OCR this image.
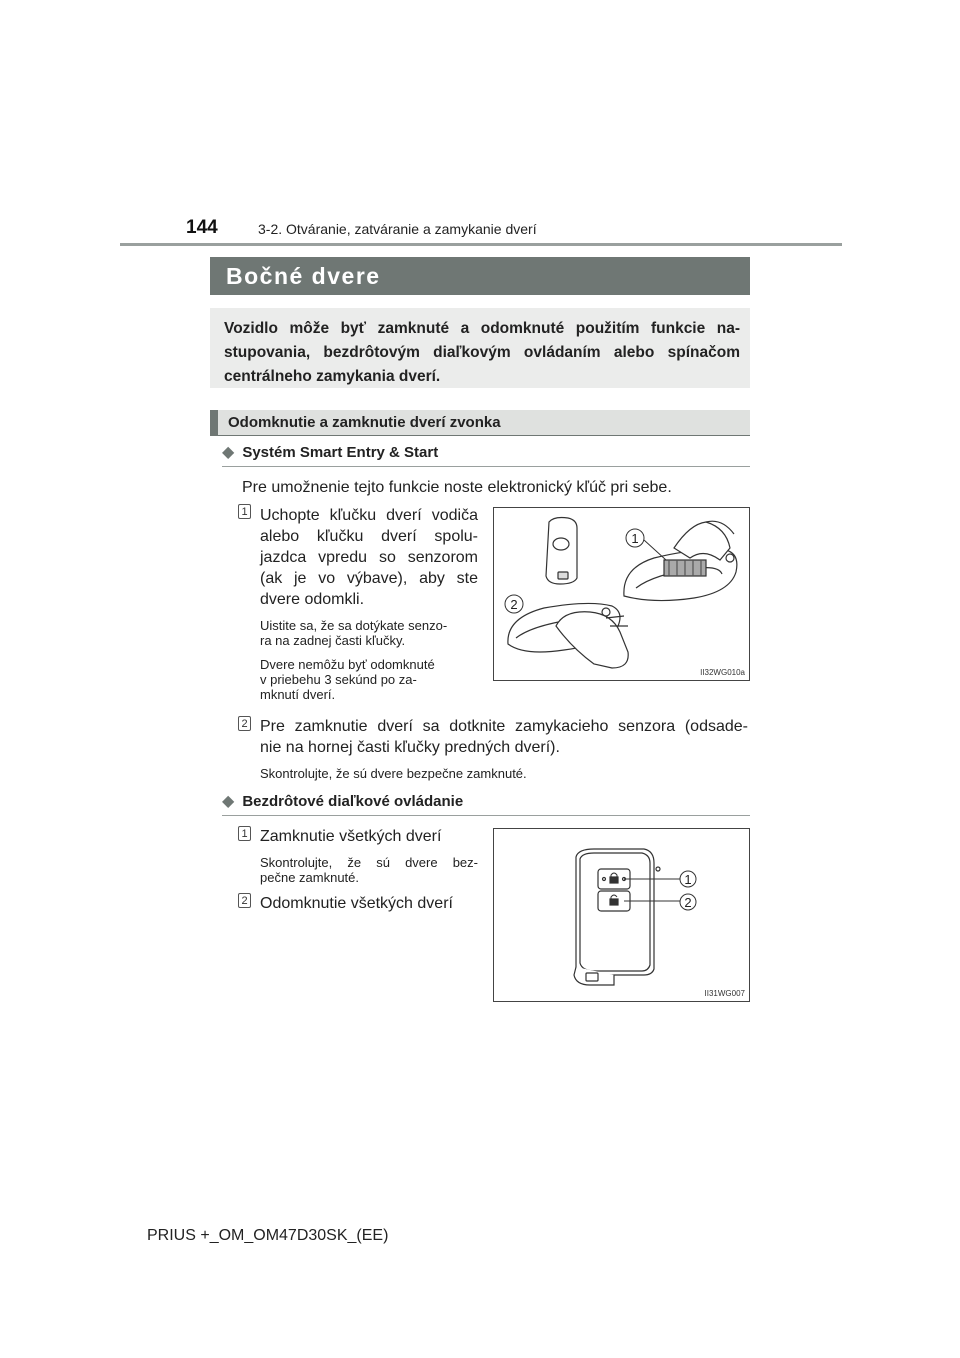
144	3-2. Otváranie, zatváranie a zamykanie dverí
Bočné dvere
Vozidlo môže byť zamknuté a odomknuté použitím funkcie na-
stupovania, bezdrôtovým diaľkovým ovládaním alebo spínačom
centrálneho zamykania dverí.
Odomknutie a zamknutie dverí zvonka
◆ Systém Smart Entry & Start
Pre umožnenie tejto funkcie noste elektronický kľúč pri sebe.
1 Uchopte kľučku dverí vodiča
alebo kľučku dverí spolu-
jazdca vpredu so senzorom
(ak je vo výbave), aby ste
dvere odomkli.
Uistite sa, že sa dotýkate senzo-
ra na zadnej časti kľučky.
Dvere nemôžu byť odomknuté
v priebehu 3 sekúnd po za-
mknutí dverí.
1
2
II32WG010a
2 Pre zamknutie dverí sa dotknite zamykacieho senzora (odsade-
nie na hornej časti kľučky predných dverí).
Skontrolujte, že sú dvere bezpečne zamknuté.
◆ Bezdrôtové diaľkové ovládanie
1 Zamknutie všetkých dverí
Skontrolujte, že sú dvere bez-
pečne zamknuté.
2 Odomknutie všetkých dverí
1
2
II31WG007
PRIUS +_OM_OM47D30SK_(EE)
